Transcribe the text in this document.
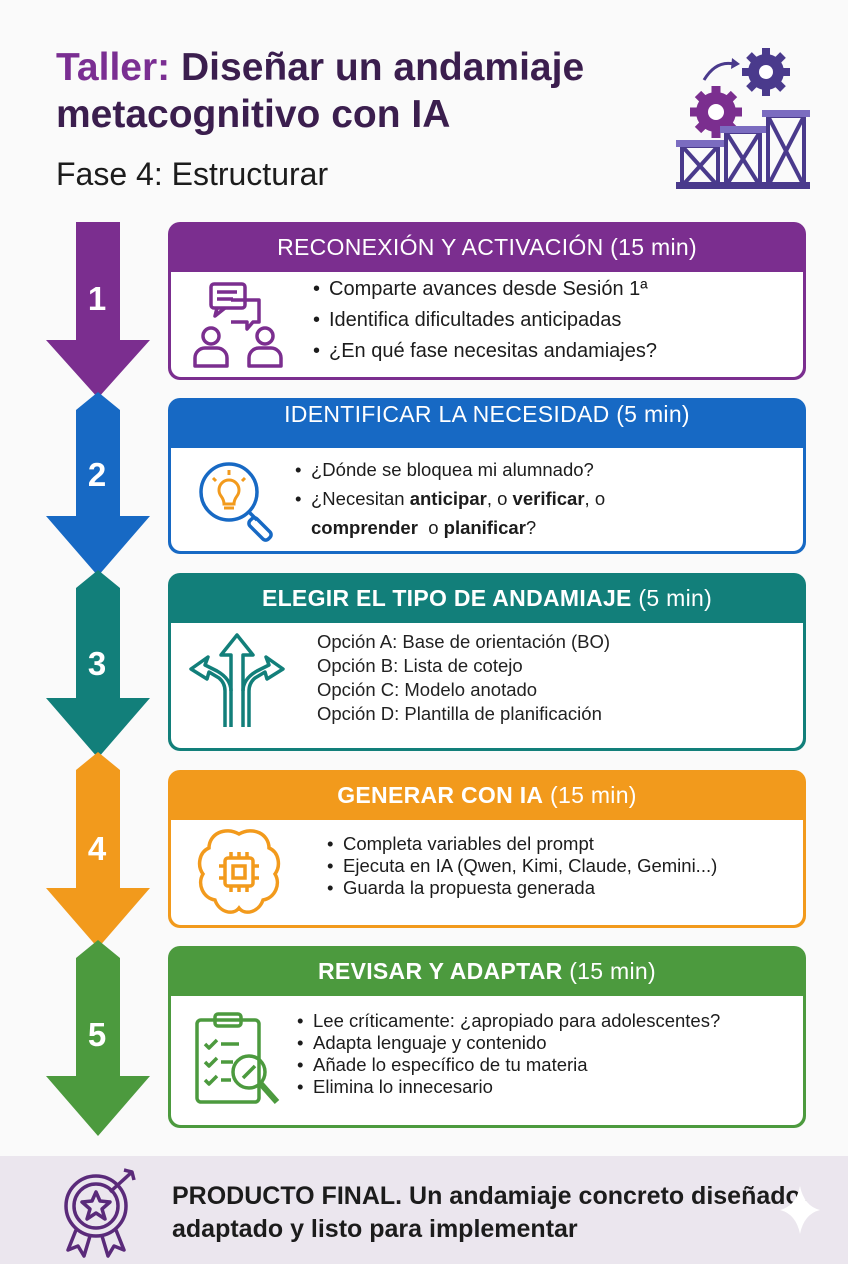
Taller: Diseñar un andamiaje metacognitivo con IA
Fase 4: Estructurar
1
2
3
4
5
RECONEXIÓN Y ACTIVACIÓN (15 min)
• Comparte avances desde Sesión 1ª
• Identifica dificultades anticipadas
• ¿En qué fase necesitas andamiajes?
IDENTIFICAR LA NECESIDAD (5 min)
• ¿Dónde se bloquea mi alumnado?
• ¿Necesitan anticipar, o verificar, o
comprender  o planificar?
ELEGIR EL TIPO DE ANDAMIAJE (5 min)
Opción A: Base de orientación (BO)
Opción B: Lista de cotejo
Opción C: Modelo anotado
Opción D: Plantilla de planificación
GENERAR CON IA (15 min)
• Completa variables del prompt
• Ejecuta en IA (Qwen, Kimi, Claude, Gemini...)
• Guarda la propuesta generada
REVISAR Y ADAPTAR (15 min)
• Lee críticamente: ¿apropiado para adolescentes?
• Adapta lenguaje y contenido
• Añade lo específico de tu materia
• Elimina lo innecesario
PRODUCTO FINAL. Un andamiaje concreto diseñado, adaptado y listo para implementar
